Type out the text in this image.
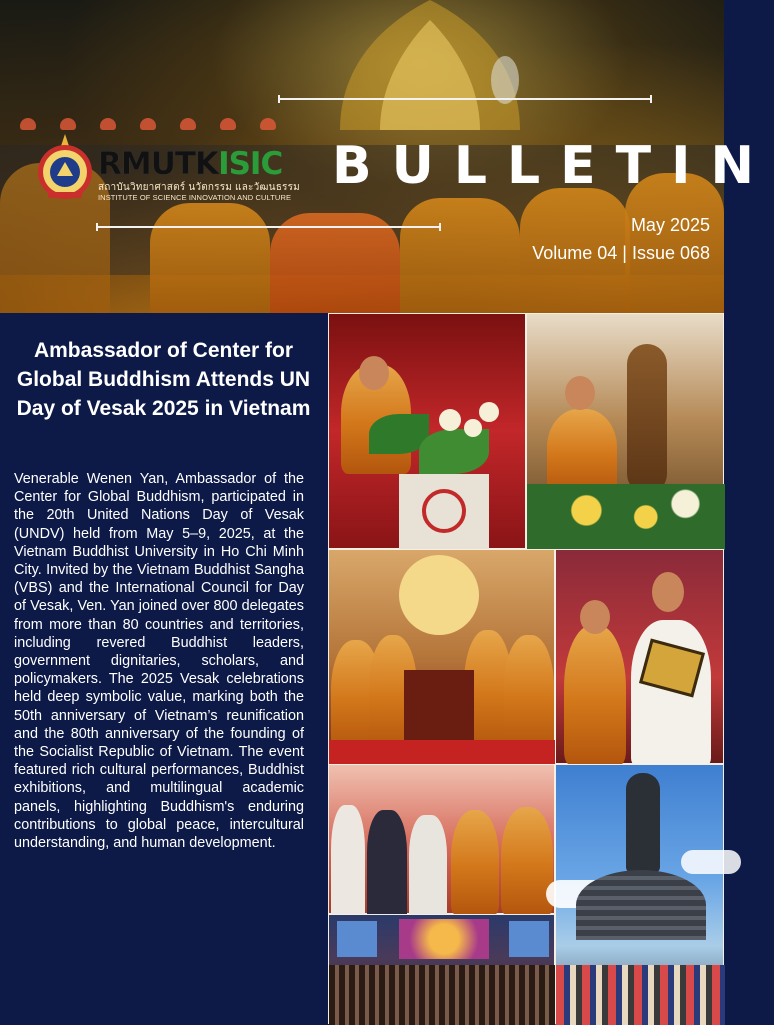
RMUTKISIC
สถาบันวิทยาศาสตร์ นวัตกรรม และวัฒนธรรม
INSTITUTE OF SCIENCE INNOVATION AND CULTURE
BULLETIN
May 2025
Volume 04 | Issue 068
Ambassador of Center for Global Buddhism Attends UN Day of Vesak 2025 in Vietnam
Venerable Wenen Yan, Ambassador of the Center for Global Buddhism, participated in the 20th United Nations Day of Vesak (UNDV) held from May 5–9, 2025, at the Vietnam Buddhist University in Ho Chi Minh City. Invited by the Vietnam Buddhist Sangha (VBS) and the International Council for Day of Vesak, Ven. Yan joined over 800 delegates from more than 80 countries and territories, including revered Buddhist leaders, government dignitaries, scholars, and policymakers. The 2025 Vesak celebrations held deep symbolic value, marking both the 50th anniversary of Vietnam’s reunification and the 80th anniversary of the founding of the Socialist Republic of Vietnam. The event featured rich cultural performances, Buddhist exhibitions, and multilingual academic panels, highlighting Buddhism's enduring contributions to global peace, intercultural understanding, and human development.
